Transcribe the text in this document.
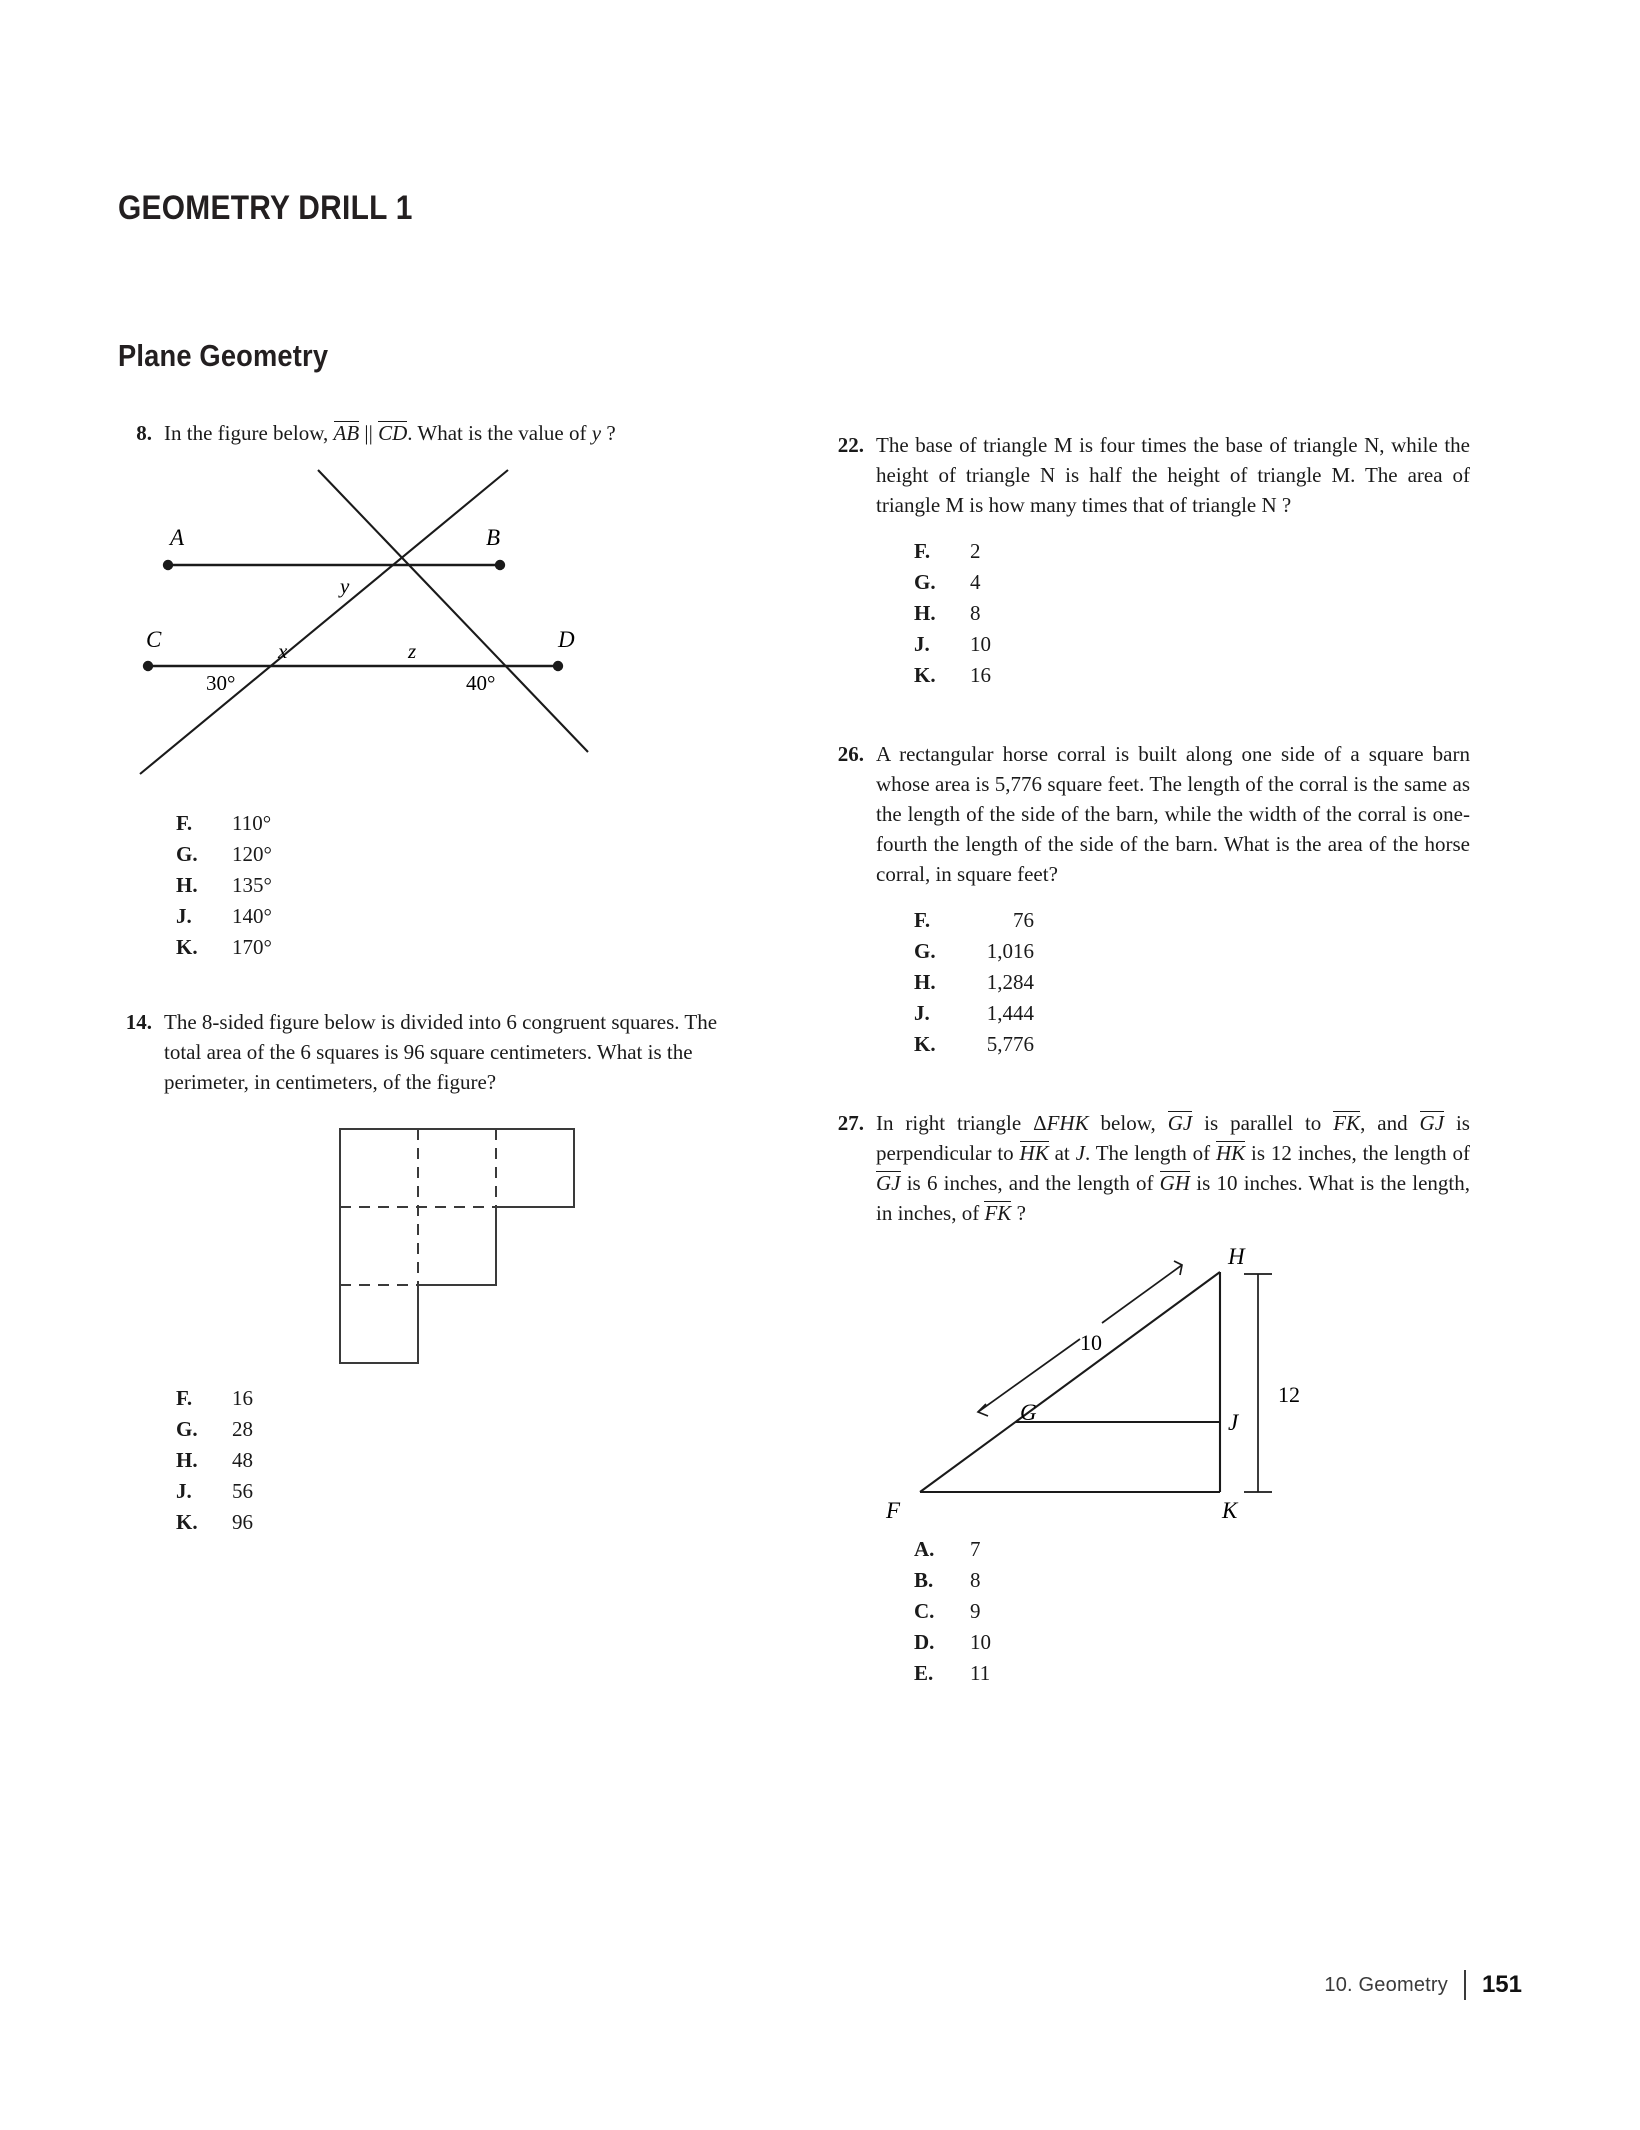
GEOMETRY DRILL 1
Plane Geometry
8. In the figure below, AB || CD. What is the value of y ?
A	B
C	D
y
x	z
30°	40°
F.	110°
G.	120°
H.	135°
J.	140°
K.	170°
14. The 8-sided figure below is divided into 6 congruent squares. The total area of the 6 squares is 96 square centimeters. What is the perimeter, in centimeters, of the figure?
F.	16
G.	28
H.	48
J.	56
K.	96
22. The base of triangle M is four times the base of triangle N, while the height of triangle N is half the height of triangle M. The area of triangle M is how many times that of triangle N ?
F.	2
G.	4
H.	8
J.	10
K.	16
26. A rectangular horse corral is built along one side of a square barn whose area is 5,776 square feet. The length of the corral is the same as the length of the side of the barn, while the width of the corral is one-fourth the length of the side of the barn. What is the area of the horse corral, in square feet?
F.	76
G.	1,016
H.	1,284
J.	1,444
K.	5,776
27. In right triangle ΔFHK below, GJ is parallel to FK, and GJ is perpendicular to HK at J. The length of HK is 12 inches, the length of GJ is 6 inches, and the length of GH is 10 inches. What is the length, in inches, of FK ?
H
J
K
F
G
10
12
A.	7
B.	8
C.	9
D.	10
E.	11
10. Geometry 151
